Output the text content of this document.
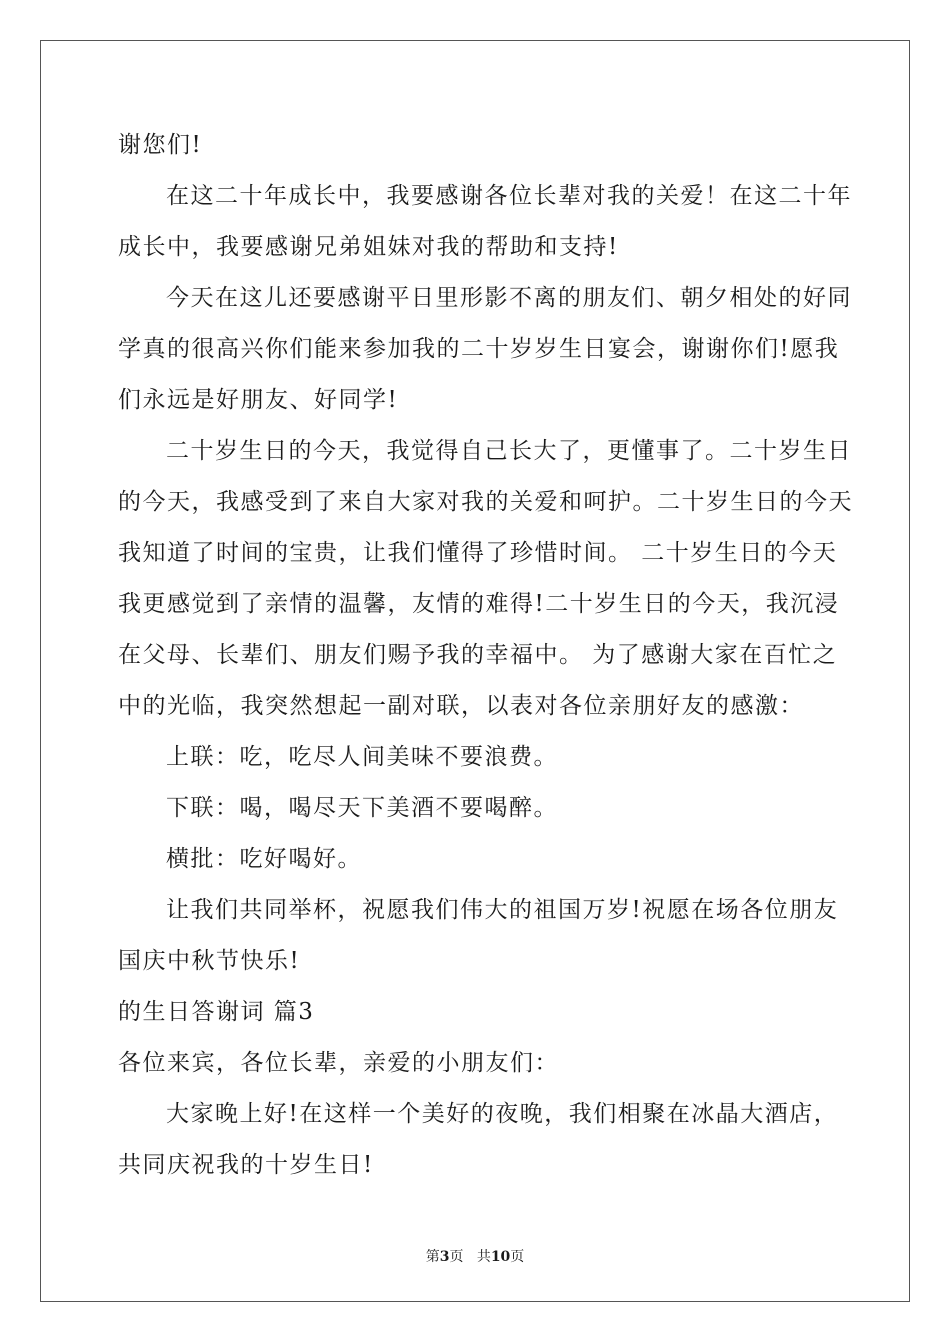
谢您们!
在这二十年成长中，我要感谢各位长辈对我的关爱！在这二十年
成长中，我要感谢兄弟姐妹对我的帮助和支持!
今天在这儿还要感谢平日里形影不离的朋友们、朝夕相处的好同
学真的很高兴你们能来参加我的二十岁岁生日宴会，谢谢你们!愿我
们永远是好朋友、好同学!
二十岁生日的今天，我觉得自己长大了，更懂事了。二十岁生日
的今天，我感受到了来自大家对我的关爱和呵护。二十岁生日的今天
我知道了时间的宝贵，让我们懂得了珍惜时间。 二十岁生日的今天
我更感觉到了亲情的温馨，友情的难得!二十岁生日的今天，我沉浸
在父母、长辈们、朋友们赐予我的幸福中。 为了感谢大家在百忙之
中的光临，我突然想起一副对联，以表对各位亲朋好友的感激：
上联：吃，吃尽人间美味不要浪费。
下联：喝，喝尽天下美酒不要喝醉。
横批：吃好喝好。
让我们共同举杯，祝愿我们伟大的祖国万岁!祝愿在场各位朋友
国庆中秋节快乐!
的生日答谢词 篇3
各位来宾，各位长辈，亲爱的小朋友们：
大家晚上好!在这样一个美好的夜晚，我们相聚在冰晶大酒店，
共同庆祝我的十岁生日!
第3页 共10页
